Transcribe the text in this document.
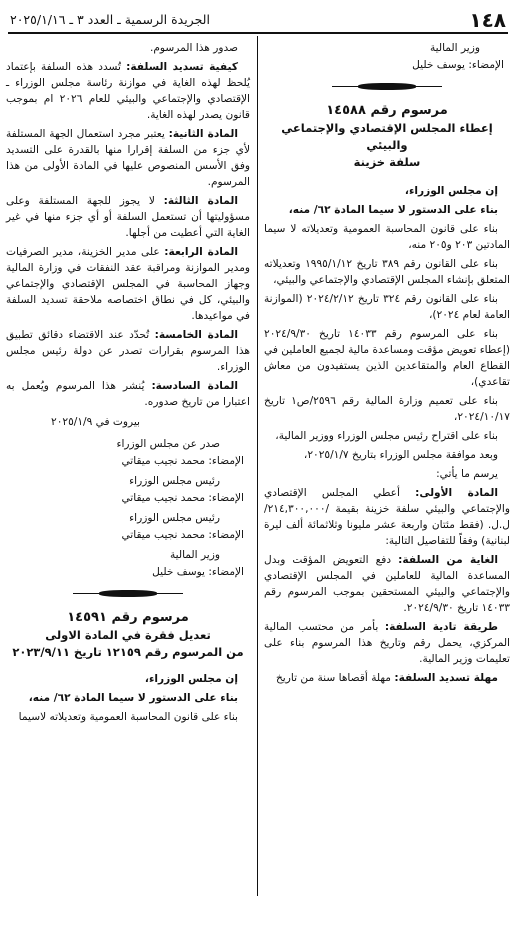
١٤٨
الجريدة الرسمية ـ العدد ٣ ـ ٢٠٢٥/١/١٦

وزير المالية

الإمضاء: يوسف خليل

مرسوم رقم ١٤٥٨٨

إعطاء المجلس الإقتصادي والإجتماعي والبيئي

سلفة خزينة

إن مجلس الوزراء،

بناء على الدستور لا سيما المادة ٦٢/ منه،

بناء على قانون المحاسبة العمومية وتعديلاته لا سيما المادتين ٢٠٣ و٢٠٥ منه،

بناء على القانون رقم ٣٨٩ تاريخ ١٩٩٥/١/١٢ وتعديلاته المتعلق بإنشاء المجلس الإقتصادي والإجتماعي والبيئي،

بناء على القانون رقم ٣٢٤ تاريخ ٢٠٢٤/٢/١٢ (الموازنة العامة لعام ٢٠٢٤)،

بناء على المرسوم رقم ١٤٠٣٣ تاريخ ٢٠٢٤/٩/٣٠ (إعطاء تعويض مؤقت ومساعدة مالية لجميع العاملين في القطاع العام والمتقاعدين الذين يستفيدون من معاش تقاعدي)،

بناء على تعميم وزارة المالية رقم ٢٥٩٦/ص١ تاريخ ٢٠٢٤/١٠/١٧،

بناء على اقتراح رئيس مجلس الوزراء ووزير المالية،

وبعد موافقة مجلس الوزراء بتاريخ ٢٠٢٥/١/٧،

يرسم ما يأتي:

المادة الأولى: أعطي المجلس الإقتصادي والإجتماعي والبيئي سلفة خزينة بقيمة /٢١٤,٣٠٠,٠٠٠/ ل.ل. (فقط مئتان واربعة عشر مليونا وثلاثمائة ألف ليرة لبنانية) وفقاً للتفاصيل التالية:

الغاية من السلفة: دفع التعويض المؤقت وبدل المساعدة المالية للعاملين في المجلس الإقتصادي والإجتماعي والبيئي المستحقين بموجب المرسوم رقم ١٤٠٣٣ تاريخ ٢٠٢٤/٩/٣٠.

طريقة تادية السلفة: بأمر من محتسب المالية المركزي، يحمل رقم وتاريخ هذا المرسوم بناء على تعليمات وزير المالية.

مهلة تسديد السلفة: مهلة أقصاها سنة من تاريخ

صدور هذا المرسوم.

كيفية تسديد السلفة: تُسدد هذه السلفة بإعتماد يُلحظ لهذه الغاية في موازنة رئاسة مجلس الوزراء ـ الإقتصادي والإجتماعي والبيئي للعام ٢٠٢٦ ام بموجب قانون يصدر لهذه الغاية.

المادة الثانية: يعتبر مجرد استعمال الجهة المستلفة لأي جزء من السلفة إقرارا منها بالقدرة على التسديد وفق الأسس المنصوص عليها في المادة الأولى من هذا المرسوم.

المادة الثالثة: لا يجوز للجهة المستلفة وعلى مسؤوليتها أن تستعمل السلفة أو أي جزء منها في غير الغاية التي أعطيت من أجلها.

المادة الرابعة: على مدير الخزينة، مدير الصرفيات ومدير الموازنة ومراقبة عقد النفقات في وزارة المالية وجهاز المحاسبة في المجلس الإقتصادي والإجتماعي والبيئي، كل في نطاق اختصاصه ملاحقة تسديد السلفة في مواعيدها.

المادة الخامسة: تُحدّد عند الاقتضاء دقائق تطبيق هذا المرسوم بقرارات تصدر عن دولة رئيس مجلس الوزراء.

المادة السادسة: يُنشر هذا المرسوم ويُعمل به اعتبارا من تاريخ صدوره.

بيروت في ٢٠٢٥/١/٩

صدر عن مجلس الوزراء

الإمضاء: محمد نجيب ميقاتي

رئيس مجلس الوزراء

الإمضاء: محمد نجيب ميقاتي

رئيس مجلس الوزراء

الإمضاء: محمد نجيب ميقاتي

وزير المالية

الإمضاء: يوسف خليل

مرسوم رقم ١٤٥٩١

تعديل فقرة في المادة الاولى

من المرسوم رقم ١٢١٥٩ تاريخ ٢٠٢٣/٩/١١

إن مجلس الوزراء،

بناء على الدستور لا سيما المادة ٦٢/ منه،

بناء على قانون المحاسبة العمومية وتعديلاته لاسيما
